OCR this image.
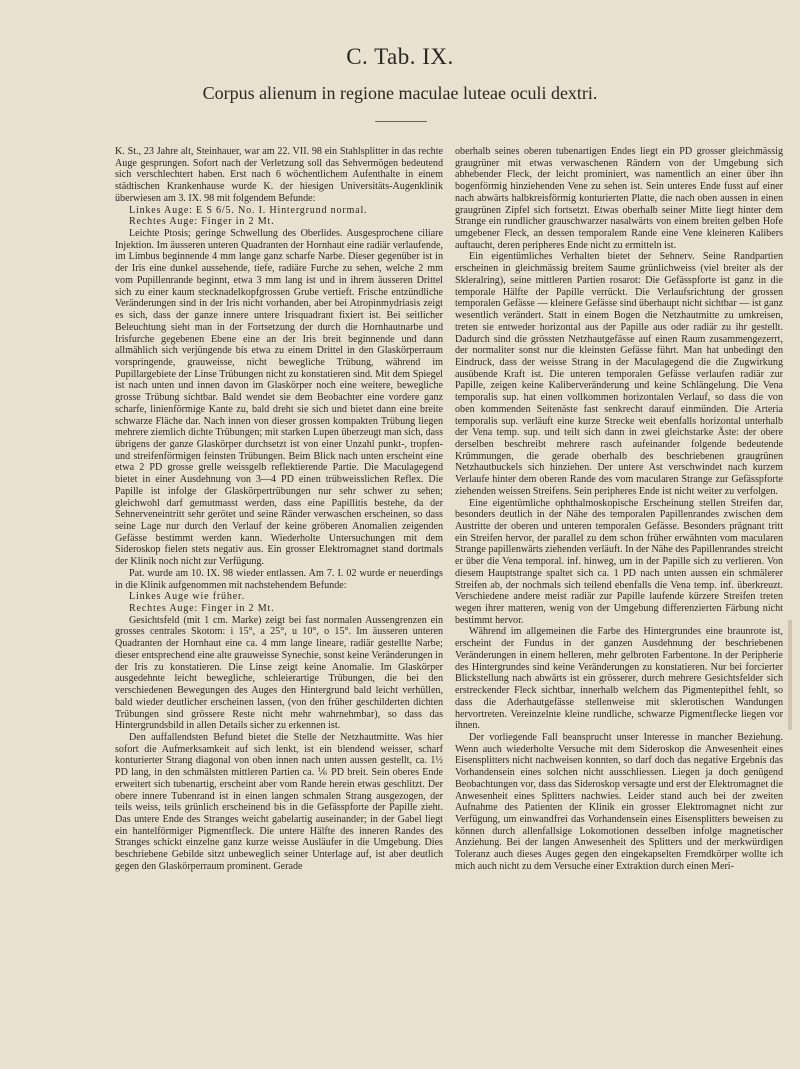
C. Tab. IX.
Corpus alienum in regione maculae luteae oculi dextri.

K. St., 23 Jahre alt, Steinhauer, war am 22. VII. 98 ein Stahlsplitter in das rechte Auge gesprungen. Sofort nach der Verletzung soll das Sehvermögen bedeutend sich verschlechtert haben. Erst nach 6 wöchentlichem Aufenthalte in einem städtischen Krankenhause wurde K. der hiesigen Universitäts-Augenklinik überwiesen am 3. IX. 98 mit folgendem Befunde:

Linkes Auge: E S 6/5. No. I. Hintergrund normal.

Rechtes Auge: Finger in 2 Mt.

Leichte Ptosis; geringe Schwellung des Oberlides. Ausgesprochene ciliare Injektion. Im äusseren unteren Quadranten der Hornhaut eine radiär verlaufende, im Limbus beginnende 4 mm lange ganz scharfe Narbe. Dieser gegenüber ist in der Iris eine dunkel aussehende, tiefe, radiäre Furche zu sehen, welche 2 mm vom Pupillenrande beginnt, etwa 3 mm lang ist und in ihrem äusseren Drittel sich zu einer kaum stecknadelkopfgrossen Grube vertieft. Frische entzündliche Veränderungen sind in der Iris nicht vorhanden, aber bei Atropinmydriasis zeigt es sich, dass der ganze innere untere Irisquadrant fixiert ist. Bei seitlicher Beleuchtung sieht man in der Fortsetzung der durch die Hornhautnarbe und Irisfurche gegebenen Ebene eine an der Iris breit beginnende und dann allmählich sich verjüngende bis etwa zu einem Drittel in den Glaskörperraum vorspringende, grauweisse, nicht bewegliche Trübung, während im Pupillargebiete der Linse Trübungen nicht zu konstatieren sind. Mit dem Spiegel ist nach unten und innen davon im Glaskörper noch eine weitere, bewegliche grosse Trübung sichtbar. Bald wendet sie dem Beobachter eine vordere ganz scharfe, linienförmige Kante zu, bald dreht sie sich und bietet dann eine breite schwarze Fläche dar. Nach innen von dieser grossen kompakten Trübung liegen mehrere ziemlich dichte Trübungen; mit starken Lupen überzeugt man sich, dass übrigens der ganze Glaskörper durchsetzt ist von einer Unzahl punkt-, tropfen- und streifenförmigen feinsten Trübungen. Beim Blick nach unten erscheint eine etwa 2 PD grosse grelle weissgelb reflektierende Partie. Die Maculagegend bietet in einer Ausdehnung von 3—4 PD einen trübweisslichen Reflex. Die Papille ist infolge der Glaskörpertrübungen nur sehr schwer zu sehen; gleichwohl darf gemutmasst werden, dass eine Papillitis bestehe, da der Sehnerveneintritt sehr gerötet und seine Ränder verwaschen erscheinen, so dass seine Lage nur durch den Verlauf der keine gröberen Anomalien zeigenden Gefässe bestimmt werden kann. Wiederholte Untersuchungen mit dem Sideroskop fielen stets negativ aus. Ein grosser Elektromagnet stand dortmals der Klinik noch nicht zur Verfügung.

Pat. wurde am 10. IX. 98 wieder entlassen. Am 7. I. 02 wurde er neuerdings in die Klinik aufgenommen mit nachstehendem Befunde:

Linkes Auge wie früher.

Rechtes Auge: Finger in 2 Mt.

Gesichtsfeld (mit 1 cm. Marke) zeigt bei fast normalen Aussengrenzen ein grosses centrales Skotom: i 15°, a 25°, u 10°, o 15°. Im äusseren unteren Quadranten der Hornhaut eine ca. 4 mm lange lineare, radiär gestellte Narbe; dieser entsprechend eine alte grauweisse Synechie, sonst keine Veränderungen in der Iris zu konstatieren. Die Linse zeigt keine Anomalie. Im Glaskörper ausgedehnte leicht bewegliche, schleierartige Trübungen, die bei den verschiedenen Bewegungen des Auges den Hintergrund bald leicht verhüllen, bald wieder deutlicher erscheinen lassen, (von den früher geschilderten dichten Trübungen sind grössere Reste nicht mehr wahrnehmbar), so dass das Hintergrundsbild in allen Details sicher zu erkennen ist.

Den auffallendsten Befund bietet die Stelle der Netzhautmitte. Was hier sofort die Aufmerksamkeit auf sich lenkt, ist ein blendend weisser, scharf konturierter Strang diagonal von oben innen nach unten aussen gestellt, ca. 1½ PD lang, in den schmälsten mittleren Partien ca. ⅙ PD breit. Sein oberes Ende erweitert sich tubenartig, erscheint aber vom Rande herein etwas geschlitzt. Der obere innere Tubenrand ist in einen langen schmalen Strang ausgezogen, der teils weiss, teils grünlich erscheinend bis in die Gefässpforte der Papille zieht. Das untere Ende des Stranges weicht gabelartig auseinander; in der Gabel liegt ein hantelförmiger Pigmentfleck. Die untere Hälfte des inneren Randes des Stranges schickt einzelne ganz kurze weisse Ausläufer in die Umgebung. Dies beschriebene Gebilde sitzt unbeweglich seiner Unterlage auf, ist aber deutlich gegen den Glaskörperraum prominent. Gerade

oberhalb seines oberen tubenartigen Endes liegt ein PD grosser gleichmässig graugrüner mit etwas verwaschenen Rändern von der Umgebung sich abhebender Fleck, der leicht prominiert, was namentlich an einer über ihn bogenförmig hinziehenden Vene zu sehen ist. Sein unteres Ende fusst auf einer nach abwärts halbkreisförmig konturierten Platte, die nach oben aussen in einen graugrünen Zipfel sich fortsetzt. Etwas oberhalb seiner Mitte liegt hinter dem Strange ein rundlicher grauschwarzer nasalwärts von einem breiten gelben Hofe umgebener Fleck, an dessen temporalem Rande eine Vene kleineren Kalibers auftaucht, deren peripheres Ende nicht zu ermitteln ist.

Ein eigentümliches Verhalten bietet der Sehnerv. Seine Randpartien erscheinen in gleichmässig breitem Saume grünlichweiss (viel breiter als der Skleralring), seine mittleren Partien rosarot: Die Gefässpforte ist ganz in die temporale Hälfte der Papille verrückt. Die Verlaufsrichtung der grossen temporalen Gefässe — kleinere Gefässe sind überhaupt nicht sichtbar — ist ganz wesentlich verändert. Statt in einem Bogen die Netzhautmitte zu umkreisen, treten sie entweder horizontal aus der Papille aus oder radiär zu ihr gestellt. Dadurch sind die grössten Netzhautgefässe auf einen Raum zusammengezerrt, der normaliter sonst nur die kleinsten Gefässe führt. Man hat unbedingt den Eindruck, dass der weisse Strang in der Maculagegend die die Zugwirkung ausübende Kraft ist. Die unteren temporalen Gefässe verlaufen radiär zur Papille, zeigen keine Kaliberveränderung und keine Schlängelung. Die Vena temporalis sup. hat einen vollkommen horizontalen Verlauf, so dass die von oben kommenden Seitenäste fast senkrecht darauf einmünden. Die Arteria temporalis sup. verläuft eine kurze Strecke weit ebenfalls horizontal unterhalb der Vena temp. sup. und teilt sich dann in zwei gleichstarke Äste: der obere derselben beschreibt mehrere rasch aufeinander folgende bedeutende Krümmungen, die gerade oberhalb des beschriebenen graugrünen Netzhautbuckels sich hinziehen. Der untere Ast verschwindet nach kurzem Verlaufe hinter dem oberen Rande des vom macularen Strange zur Gefässpforte ziehenden weissen Streifens. Sein peripheres Ende ist nicht weiter zu verfolgen.

Eine eigentümliche ophthalmoskopische Erscheinung stellen Streifen dar, besonders deutlich in der Nähe des temporalen Papillenrandes zwischen dem Austritte der oberen und unteren temporalen Gefässe. Besonders prägnant tritt ein Streifen hervor, der parallel zu dem schon früher erwähnten vom macularen Strange papillenwärts ziehenden verläuft. In der Nähe des Papillenrandes streicht er über die Vena temporal. inf. hinweg, um in der Papille sich zu verlieren. Von diesem Hauptstrange spaltet sich ca. 1 PD nach unten aussen ein schmälerer Streifen ab, der nochmals sich teilend ebenfalls die Vena temp. inf. überkreuzt. Verschiedene andere meist radiär zur Papille laufende kürzere Streifen treten wegen ihrer matteren, wenig von der Umgebung differenzierten Färbung nicht bestimmt hervor.

Während im allgemeinen die Farbe des Hintergrundes eine braunrote ist, erscheint der Fundus in der ganzen Ausdehnung der beschriebenen Veränderungen in einem helleren, mehr gelbroten Farbentone. In der Peripherie des Hintergrundes sind keine Veränderungen zu konstatieren. Nur bei forcierter Blickstellung nach abwärts ist ein grösserer, durch mehrere Gesichtsfelder sich erstreckender Fleck sichtbar, innerhalb welchem das Pigmentepithel fehlt, so dass die Aderhautgefässe stellenweise mit sklerotischen Wandungen hervortreten. Vereinzelnte kleine rundliche, schwarze Pigmentflecke liegen vor ihnen.

Der vorliegende Fall beansprucht unser Interesse in mancher Beziehung. Wenn auch wiederholte Versuche mit dem Sideroskop die Anwesenheit eines Eisensplitters nicht nachweisen konnten, so darf doch das negative Ergebnis das Vorhandensein eines solchen nicht ausschliessen. Liegen ja doch genügend Beobachtungen vor, dass das Sideroskop versagte und erst der Elektromagnet die Anwesenheit eines Splitters nachwies. Leider stand auch bei der zweiten Aufnahme des Patienten der Klinik ein grosser Elektromagnet nicht zur Verfügung, um einwandfrei das Vorhandensein eines Eisensplitters beweisen zu können durch allenfallsige Lokomotionen desselben infolge magnetischer Anziehung. Bei der langen Anwesenheit des Splitters und der merkwürdigen Toleranz auch dieses Auges gegen den eingekapselten Fremdkörper wollte ich mich auch nicht zu dem Versuche einer Extraktion durch einen Meri-
